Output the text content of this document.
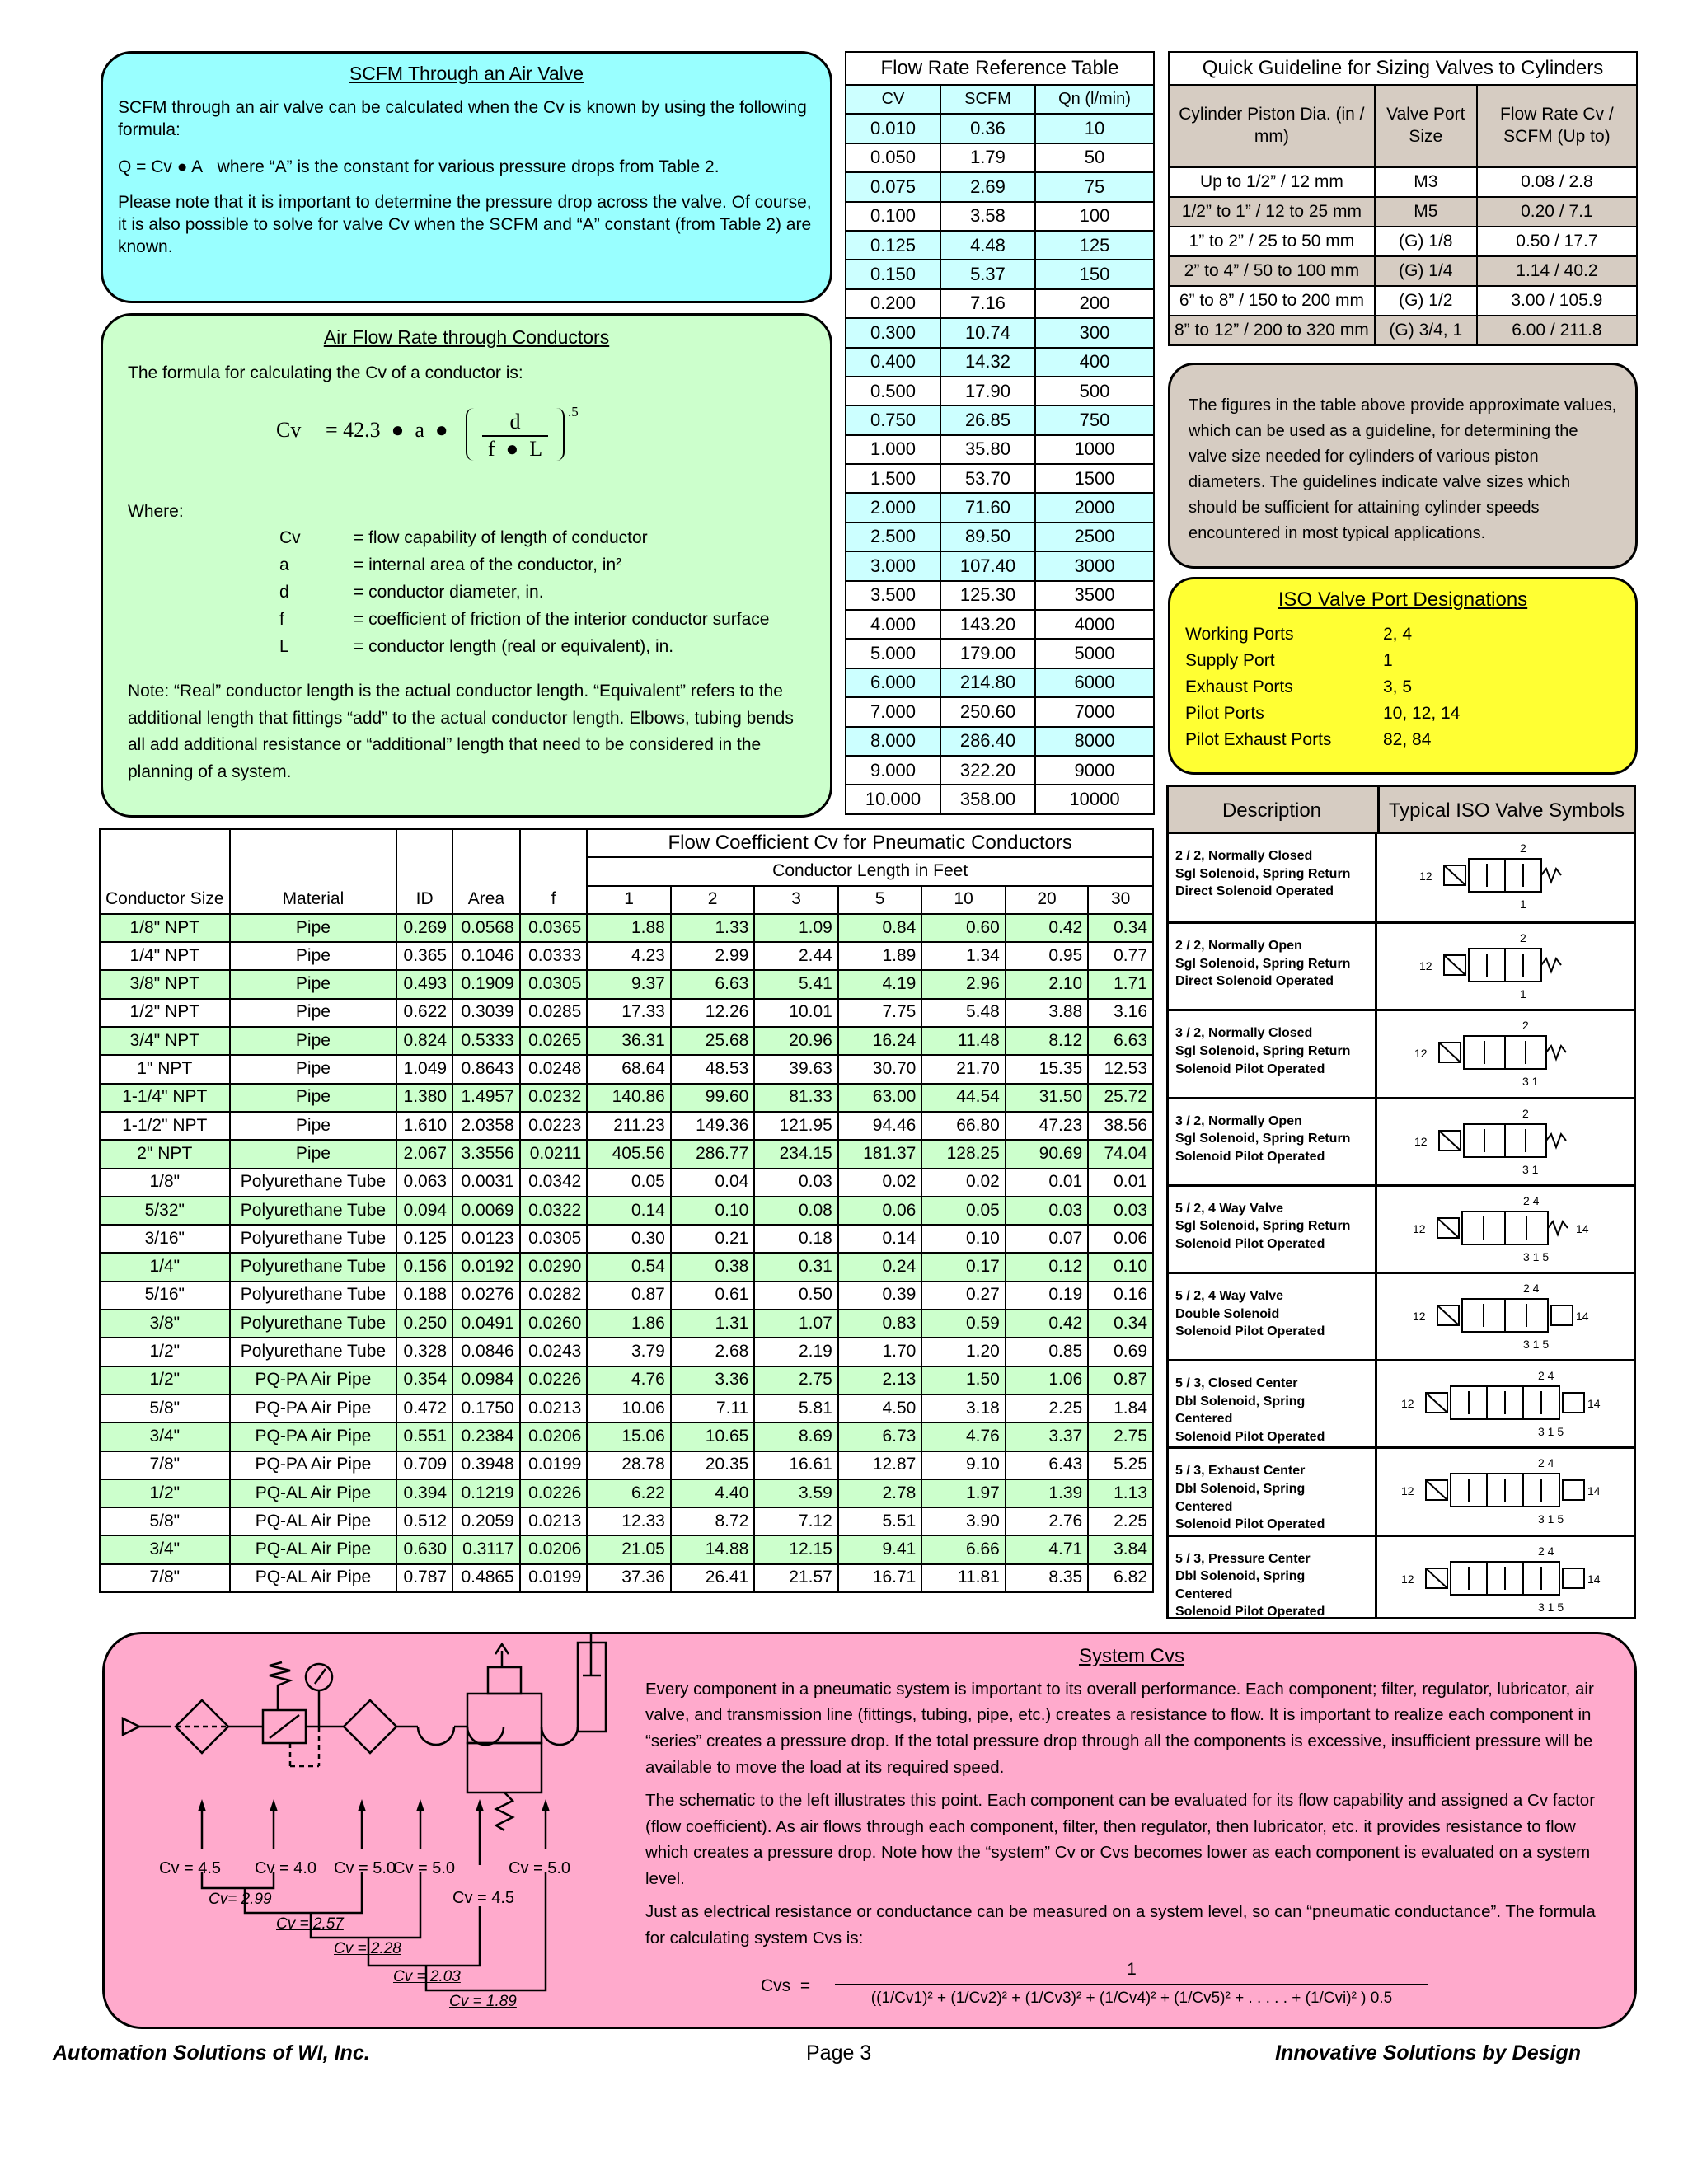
SCFM Through an Air Valve
SCFM through an air valve can be calculated when the Cv is known by using the following formula:
Q = Cv ● A where “A” is the constant for various pressure drops from Table 2.
Please note that it is important to determine the pressure drop across the valve. Of course, it is also possible to solve for valve Cv when the SCFM and “A” constant (from Table 2) are known.
Air Flow Rate through Conductors
The formula for calculating the Cv of a conductor is:
Cv = 42.3  ●  a  ●	d
f  ●  L
.5
Where:
Cv	= flow capability of length of conductor
a	= internal area of the conductor, in²
d	= conductor diameter, in.
f	= coefficient of friction of the interior conductor surface
L	= conductor length (real or equivalent), in.
Note: “Real” conductor length is the actual conductor length. “Equivalent” refers to the additional length that fittings “add” to the actual conductor length. Elbows, tubing bends all add additional resistance or “additional” length that need to be considered in the planning of a system.
Flow Rate Reference Table		
CV	SCFM	Qn (l/min)
0.010	0.36	10
0.050	1.79	50
0.075	2.69	75
0.100	3.58	100
0.125	4.48	125
0.150	5.37	150
0.200	7.16	200
0.300	10.74	300
0.400	14.32	400
0.500	17.90	500
0.750	26.85	750
1.000	35.80	1000
1.500	53.70	1500
2.000	71.60	2000
2.500	89.50	2500
3.000	107.40	3000
3.500	125.30	3500
4.000	143.20	4000
5.000	179.00	5000
6.000	214.80	6000
7.000	250.60	7000
8.000	286.40	8000
9.000	322.20	9000
10.000	358.00	10000
Quick Guideline for Sizing Valves to Cylinders		
Cylinder Piston Dia. (in / mm)	Valve Port Size	Flow Rate Cv / SCFM (Up to)
Up to 1/2” / 12 mm	M3	0.08 / 2.8
1/2” to 1” / 12 to 25 mm	M5	0.20 / 7.1
1” to 2” / 25 to 50 mm	(G) 1/8	0.50 / 17.7
2” to 4” / 50 to 100 mm	(G) 1/4	1.14 / 40.2
6” to 8” / 150 to 200 mm	(G) 1/2	3.00 / 105.9
8” to 12” / 200 to 320 mm	(G) 3/4, 1	6.00 / 211.8
The figures in the table above provide approximate values, which can be used as a guideline, for determining the valve size needed for cylinders of various piston diameters. The guidelines indicate valve sizes which should be sufficient for attaining cylinder speeds encountered in most typical applications.
ISO Valve Port Designations
Working Ports	2, 4
Supply Port	1
Exhaust Ports	3, 5
Pilot Ports	10, 12, 14
Pilot Exhaust Ports	82, 84
Description	Typical ISO Valve Symbols
2 / 2, Normally Closed
Sgl Solenoid, Spring Return
Direct Solenoid Operated
12
2
1
2 / 2, Normally Open
Sgl Solenoid, Spring Return
Direct Solenoid Operated
12
2
1
3 / 2, Normally Closed
Sgl Solenoid, Spring Return
Solenoid Pilot Operated
12
2
3 1
3 / 2, Normally Open
Sgl Solenoid, Spring Return
Solenoid Pilot Operated
12
2
3 1
5 / 2, 4 Way Valve
Sgl Solenoid, Spring Return
Solenoid Pilot Operated
12	14
2 4
3 1 5
5 / 2, 4 Way Valve
Double Solenoid
Solenoid Pilot Operated
12	14
2 4
3 1 5
5 / 3, Closed Center
Dbl Solenoid, Spring Centered
Solenoid Pilot Operated
12	14
2 4
3 1 5
5 / 3, Exhaust Center
Dbl Solenoid, Spring Centered
Solenoid Pilot Operated
12	14
2 4
3 1 5
5 / 3, Pressure Center
Dbl Solenoid, Spring Centered
Solenoid Pilot Operated
12	14
2 4
3 1 5
					Flow Coefficient Cv for Pneumatic Conductors						
					Conductor Length in Feet						
Conductor Size	Material	ID	Area	f	1	2	3	5	10	20	30
1/8" NPT	Pipe	0.269	0.0568	0.0365	1.88	1.33	1.09	0.84	0.60	0.42	0.34
1/4" NPT	Pipe	0.365	0.1046	0.0333	4.23	2.99	2.44	1.89	1.34	0.95	0.77
3/8" NPT	Pipe	0.493	0.1909	0.0305	9.37	6.63	5.41	4.19	2.96	2.10	1.71
1/2" NPT	Pipe	0.622	0.3039	0.0285	17.33	12.26	10.01	7.75	5.48	3.88	3.16
3/4" NPT	Pipe	0.824	0.5333	0.0265	36.31	25.68	20.96	16.24	11.48	8.12	6.63
1" NPT	Pipe	1.049	0.8643	0.0248	68.64	48.53	39.63	30.70	21.70	15.35	12.53
1-1/4" NPT	Pipe	1.380	1.4957	0.0232	140.86	99.60	81.33	63.00	44.54	31.50	25.72
1-1/2" NPT	Pipe	1.610	2.0358	0.0223	211.23	149.36	121.95	94.46	66.80	47.23	38.56
2" NPT	Pipe	2.067	3.3556	0.0211	405.56	286.77	234.15	181.37	128.25	90.69	74.04
1/8"	Polyurethane Tube	0.063	0.0031	0.0342	0.05	0.04	0.03	0.02	0.02	0.01	0.01
5/32"	Polyurethane Tube	0.094	0.0069	0.0322	0.14	0.10	0.08	0.06	0.05	0.03	0.03
3/16"	Polyurethane Tube	0.125	0.0123	0.0305	0.30	0.21	0.18	0.14	0.10	0.07	0.06
1/4"	Polyurethane Tube	0.156	0.0192	0.0290	0.54	0.38	0.31	0.24	0.17	0.12	0.10
5/16"	Polyurethane Tube	0.188	0.0276	0.0282	0.87	0.61	0.50	0.39	0.27	0.19	0.16
3/8"	Polyurethane Tube	0.250	0.0491	0.0260	1.86	1.31	1.07	0.83	0.59	0.42	0.34
1/2"	Polyurethane Tube	0.328	0.0846	0.0243	3.79	2.68	2.19	1.70	1.20	0.85	0.69
1/2"	PQ-PA Air Pipe	0.354	0.0984	0.0226	4.76	3.36	2.75	2.13	1.50	1.06	0.87
5/8"	PQ-PA Air Pipe	0.472	0.1750	0.0213	10.06	7.11	5.81	4.50	3.18	2.25	1.84
3/4"	PQ-PA Air Pipe	0.551	0.2384	0.0206	15.06	10.65	8.69	6.73	4.76	3.37	2.75
7/8"	PQ-PA Air Pipe	0.709	0.3948	0.0199	28.78	20.35	16.61	12.87	9.10	6.43	5.25
1/2"	PQ-AL Air Pipe	0.394	0.1219	0.0226	6.22	4.40	3.59	2.78	1.97	1.39	1.13
5/8"	PQ-AL Air Pipe	0.512	0.2059	0.0213	12.33	8.72	7.12	5.51	3.90	2.76	2.25
3/4"	PQ-AL Air Pipe	0.630	0.3117	0.0206	21.05	14.88	12.15	9.41	6.66	4.71	3.84
7/8"	PQ-AL Air Pipe	0.787	0.4865	0.0199	37.36	26.41	21.57	16.71	11.81	8.35	6.82
Cv = 4.5 Cv = 4.0 Cv = 5.0
Cv = 5.0	Cv = 5.0
Cv = 4.5
Cv= 2.99
Cv = 2.57
Cv = 2.28
Cv = 2.03
Cv = 1.89
System Cvs
Every component in a pneumatic system is important to its overall performance. Each component; filter, regulator, lubricator, air valve, and transmission line (fittings, tubing, pipe, etc.) creates a resistance to flow. It is important to realize each component in “series” creates a pressure drop. If the total pressure drop through all the components is excessive, insufficient pressure will be available to move the load at its required speed.
The schematic to the left illustrates this point. Each component can be evaluated for its flow capability and assigned a Cv factor (flow coefficient). As air flows through each component, filter, then regulator, then lubricator, etc. it provides resistance to flow which creates a pressure drop. Note how the “system” Cv or Cvs becomes lower as each component is evaluated on a system level.
Just as electrical resistance or conductance can be measured on a system level, so can “pneumatic conductance”. The formula for calculating system Cvs is:
Cvs  =
1
((1/Cv1)² + (1/Cv2)² + (1/Cv3)² + (1/Cv4)² + (1/Cv5)² + . . . . . + (1/Cvi)² ) 0.5
Automation Solutions of WI, Inc.	Page 3	Innovative Solutions by Design
